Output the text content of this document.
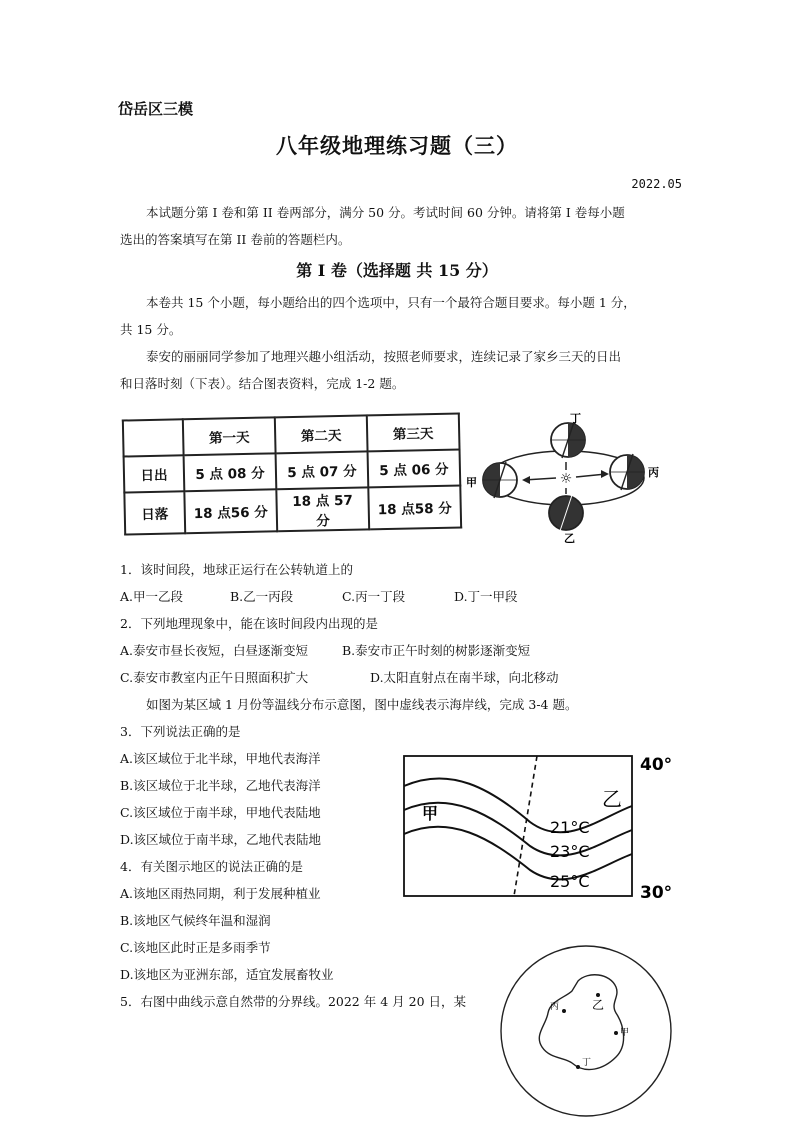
岱岳区三模
八年级地理练习题（三）
2022.05
本试题分第 I 卷和第 II 卷两部分，满分 50 分。考试时间 60 分钟。请将第 I 卷每小题
选出的答案填写在第 II 卷前的答题栏内。
第 I 卷（选择题 共 15 分）
本卷共 15 个小题，每小题给出的四个选项中，只有一个最符合题目要求。每小题 1 分，
共 15 分。
泰安的丽丽同学参加了地理兴趣小组活动，按照老师要求，连续记录了家乡三天的日出
和日落时刻（下表）。结合图表资料，完成 1-2 题。
	第一天	第二天	第三天
日出	5 点 08 分	5 点 07 分	5 点 06 分
日落	18 点56 分	18 点 57 分	18 点58 分
☼
丁
甲
丙
乙
1．该时间段，地球正运行在公转轨道上的
A.甲一乙段	B.乙一丙段	C.丙一丁段	D.丁一甲段
2．下列地理现象中，能在该时间段内出现的是
A.泰安市昼长夜短，白昼逐渐变短	B.泰安市正午时刻的树影逐渐变短
C.泰安市教室内正午日照面积扩大	D.太阳直射点在南半球，向北移动
如图为某区域 1 月份等温线分布示意图，图中虚线表示海岸线，完成 3-4 题。
3．下列说法正确的是
A.该区域位于北半球，甲地代表海洋
B.该区域位于北半球，乙地代表海洋
C.该区域位于南半球，甲地代表陆地
D.该区域位于南半球，乙地代表陆地
4．有关图示地区的说法正确的是
A.该地区雨热同期，利于发展种植业
B.该地区气候终年温和湿润
C.该地区此时正是多雨季节
D.该地区为亚洲东部，适宜发展畜牧业
5．右图中曲线示意自然带的分界线。2022 年 4 月 20 日，某
甲
乙
21°C
23°C
25°C
40°
30°
丙	乙
甲
丁
